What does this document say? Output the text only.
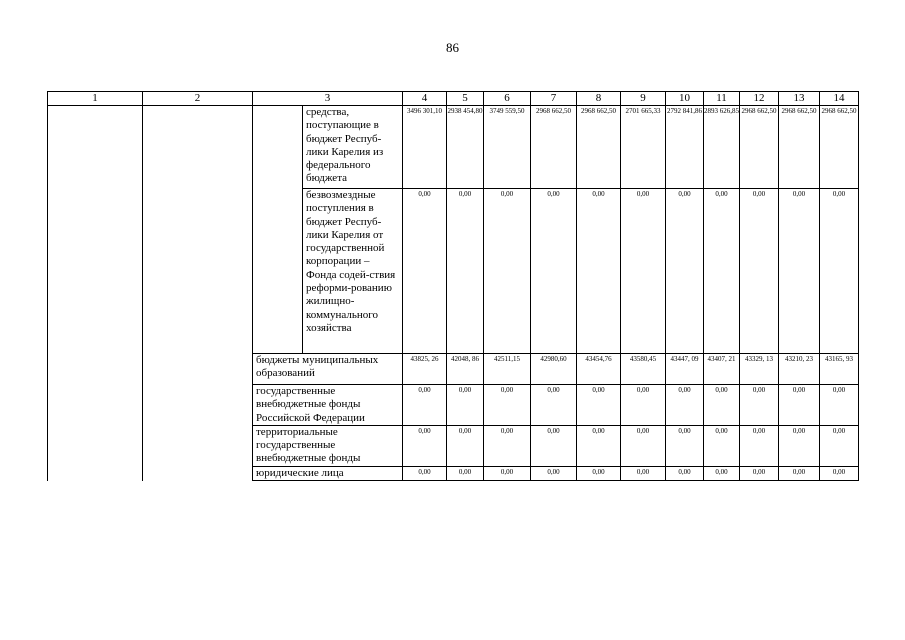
86
1	2	3		4	5	6	7	8	9	10	11	12	13	14
			средства, поступающие в бюджет Респуб-лики Карелия из федерального бюджета	3496 301,10	2938 454,80	3749 559,50	2968 662,50	2968 662,50	2701 665,33	2792 841,86	2893 626,85	2968 662,50	2968 662,50	2968 662,50
			безвозмездные поступления в бюджет Респуб-лики Карелия от государственной корпорации – Фонда содей-ствия реформи-рованию жилищно-коммунального хозяйства	0,00	0,00	0,00	0,00	0,00	0,00	0,00	0,00	0,00	0,00	0,00
		бюджеты муниципальных образований		43825, 26	42048, 86	42511,15	42980,60	43454,76	43580,45	43447, 09	43407, 21	43329, 13	43210, 23	43165, 93
		государственные внебюджетные фонды Российской Федерации		0,00	0,00	0,00	0,00	0,00	0,00	0,00	0,00	0,00	0,00	0,00
		территориальные государственные внебюджетные фонды		0,00	0,00	0,00	0,00	0,00	0,00	0,00	0,00	0,00	0,00	0,00
		юридические лица		0,00	0,00	0,00	0,00	0,00	0,00	0,00	0,00	0,00	0,00	0,00
